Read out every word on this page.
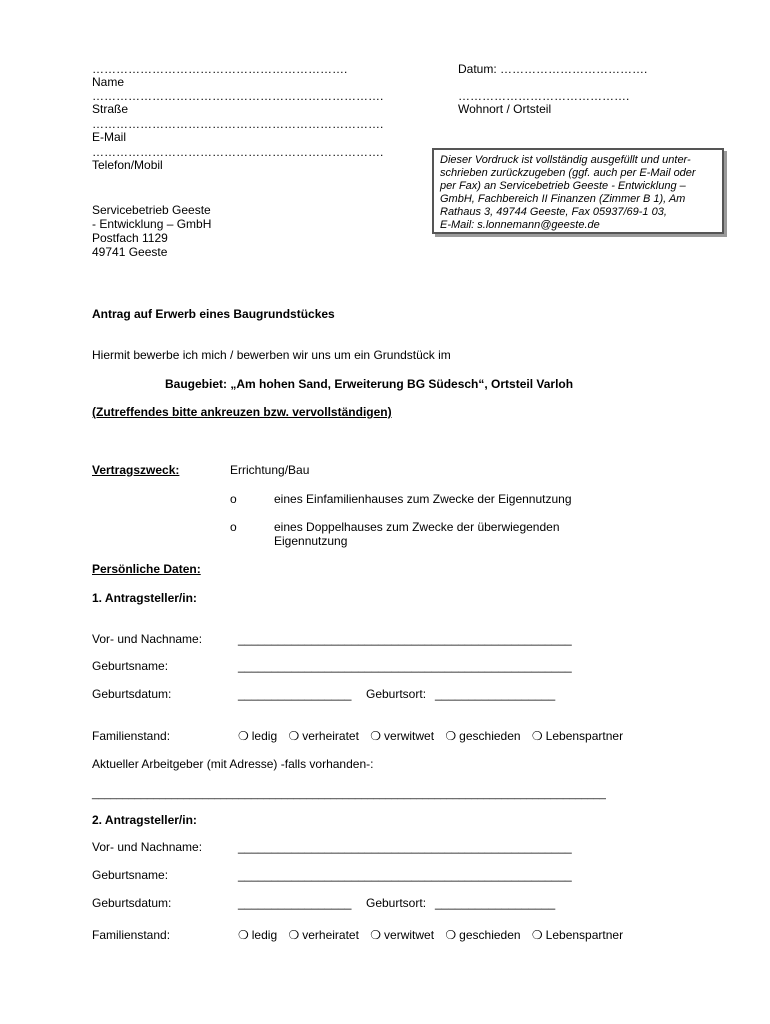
……………………………………………………….
Name
……………………………………………………………….
Straße
……………………………………………………………….
E-Mail
……………………………………………………………….
Telefon/Mobil
Datum: ……………………………….
…………………………………….
Wohnort / Ortsteil
Dieser Vordruck ist vollständig ausgefüllt und unter-
schrieben zurückzugeben (ggf. auch per E-Mail oder
per Fax) an Servicebetrieb Geeste - Entwicklung –
GmbH, Fachbereich II Finanzen (Zimmer B 1), Am
Rathaus 3, 49744 Geeste, Fax 05937/69-1 03,
E-Mail: s.lonnemann@geeste.de
Servicebetrieb Geeste
- Entwicklung – GmbH
Postfach 1129
49741 Geeste
Antrag auf Erwerb eines Baugrundstückes
Hiermit bewerbe ich mich / bewerben wir uns um ein Grundstück im
Baugebiet: „Am hohen Sand, Erweiterung BG Südesch“, Ortsteil Varloh
(Zutreffendes bitte ankreuzen bzw. vervollständigen)
Vertragszweck:	Errichtung/Bau
o	eines Einfamilienhauses zum Zwecke der Eigennutzung
o	eines Doppelhauses zum Zwecke der überwiegenden
Eigennutzung
Persönliche Daten:
1. Antragsteller/in:
Vor- und Nachname:	__________________________________________________
Geburtsname:	__________________________________________________
Geburtsdatum:	_________________ Geburtsort: __________________
Familienstand:	❍ ledig ❍ verheiratet ❍ verwitwet ❍ geschieden ❍ Lebenspartner
Aktueller Arbeitgeber (mit Adresse) -falls vorhanden-:
____________________________________________________________________________________
2. Antragsteller/in:
Vor- und Nachname:	__________________________________________________
Geburtsname:	__________________________________________________
Geburtsdatum:	_________________ Geburtsort: __________________
Familienstand:	❍ ledig ❍ verheiratet ❍ verwitwet ❍ geschieden ❍ Lebenspartner
